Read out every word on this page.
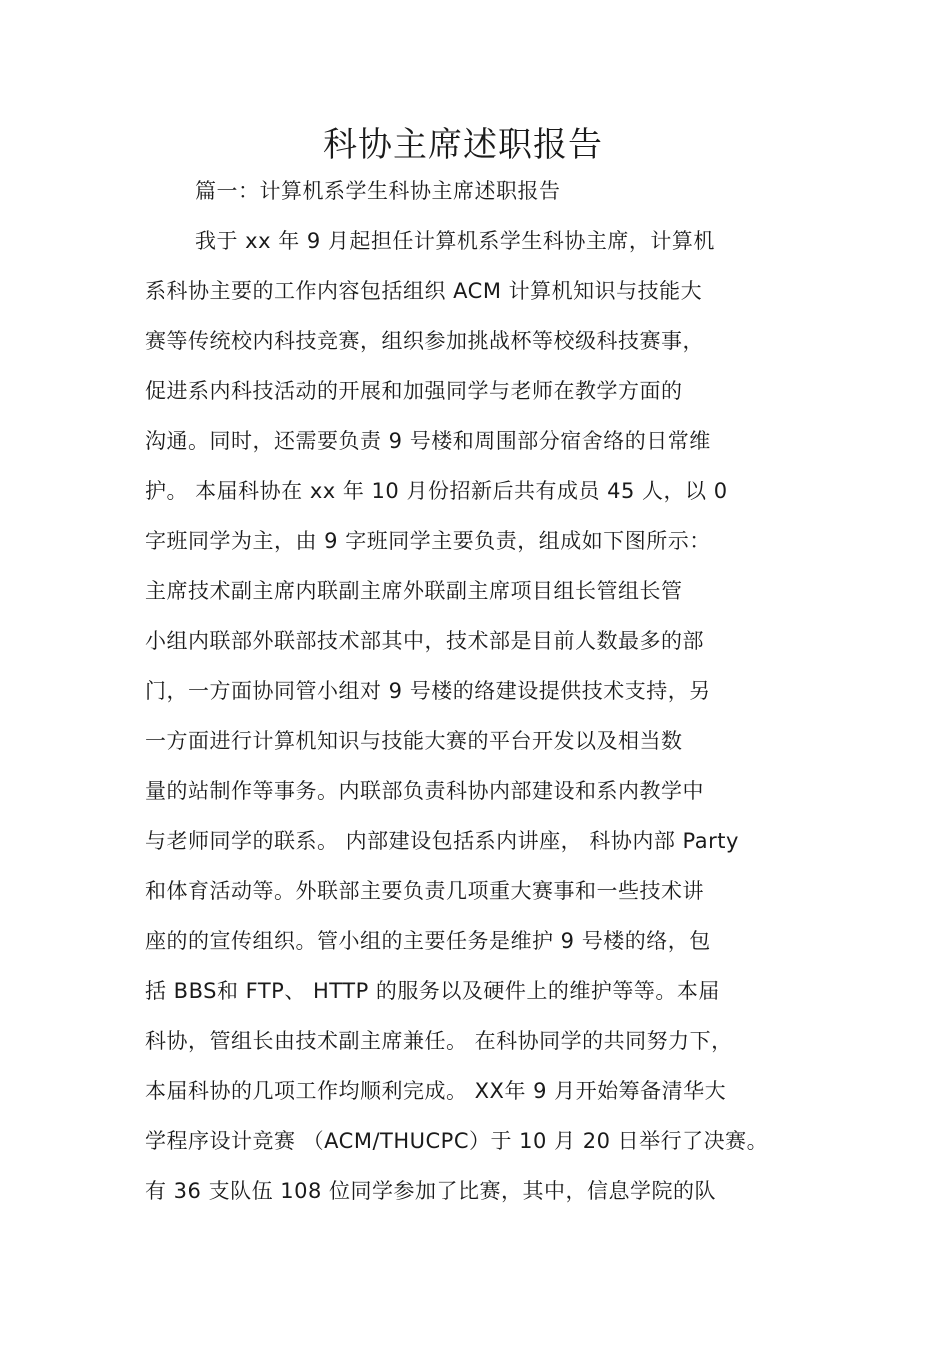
科协主席述职报告
篇一：计算机系学生科协主席述职报告
我于 xx 年 9 月起担任计算机系学生科协主席，计算机
系科协主要的工作内容包括组织 ACM 计算机知识与技能大
赛等传统校内科技竞赛，组织参加挑战杯等校级科技赛事，
促进系内科技活动的开展和加强同学与老师在教学方面的
沟通。同时，还需要负责 9 号楼和周围部分宿舍络的日常维
护。 本届科协在 xx 年 10 月份招新后共有成员 45 人，以 0
字班同学为主，由 9 字班同学主要负责，组成如下图所示：
主席技术副主席内联副主席外联副主席项目组长管组长管
小组内联部外联部技术部其中，技术部是目前人数最多的部
门，一方面协同管小组对 9 号楼的络建设提供技术支持，另
一方面进行计算机知识与技能大赛的平台开发以及相当数
量的站制作等事务。内联部负责科协内部建设和系内教学中
与老师同学的联系。 内部建设包括系内讲座， 科协内部 Party
和体育活动等。外联部主要负责几项重大赛事和一些技术讲
座的的宣传组织。管小组的主要任务是维护 9 号楼的络，包
括 BBS和 FTP、 HTTP 的服务以及硬件上的维护等等。本届
科协，管组长由技术副主席兼任。 在科协同学的共同努力下，
本届科协的几项工作均顺利完成。 XX年 9 月开始筹备清华大
学程序设计竞赛 （ACM/THUCPC）于 10 月 20 日举行了决赛。
有 36 支队伍 108 位同学参加了比赛，其中，信息学院的队
